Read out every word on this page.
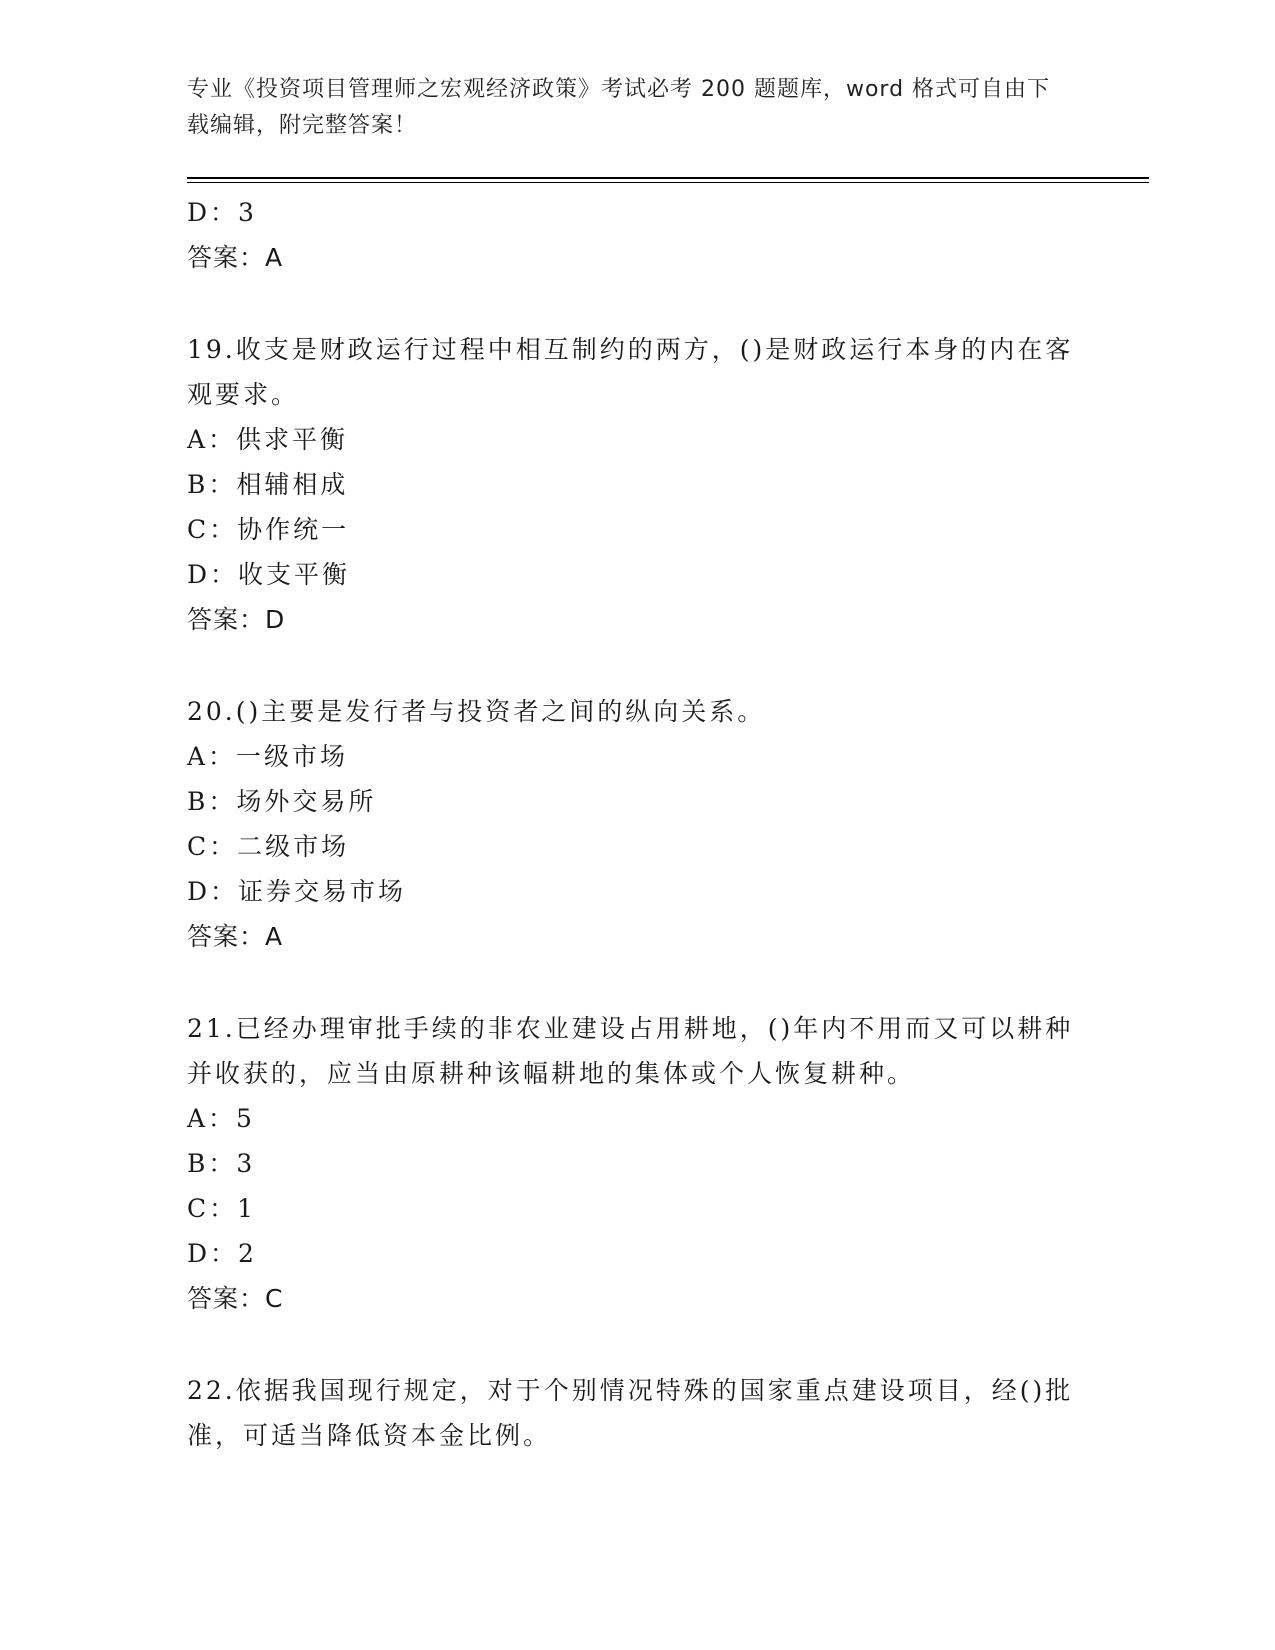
专业《投资项目管理师之宏观经济政策》考试必考 200 题题库，word 格式可自由下载编辑，附完整答案！
D：3
答案：A
19.收支是财政运行过程中相互制约的两方，()是财政运行本身的内在客观要求。
A：供求平衡
B：相辅相成
C：协作统一
D：收支平衡
答案：D
20.()主要是发行者与投资者之间的纵向关系。
A：一级市场
B：场外交易所
C：二级市场
D：证券交易市场
答案：A
21.已经办理审批手续的非农业建设占用耕地，()年内不用而又可以耕种并收获的，应当由原耕种该幅耕地的集体或个人恢复耕种。
A：5
B：3
C：1
D：2
答案：C
22.依据我国现行规定，对于个别情况特殊的国家重点建设项目，经()批准，可适当降低资本金比例。
